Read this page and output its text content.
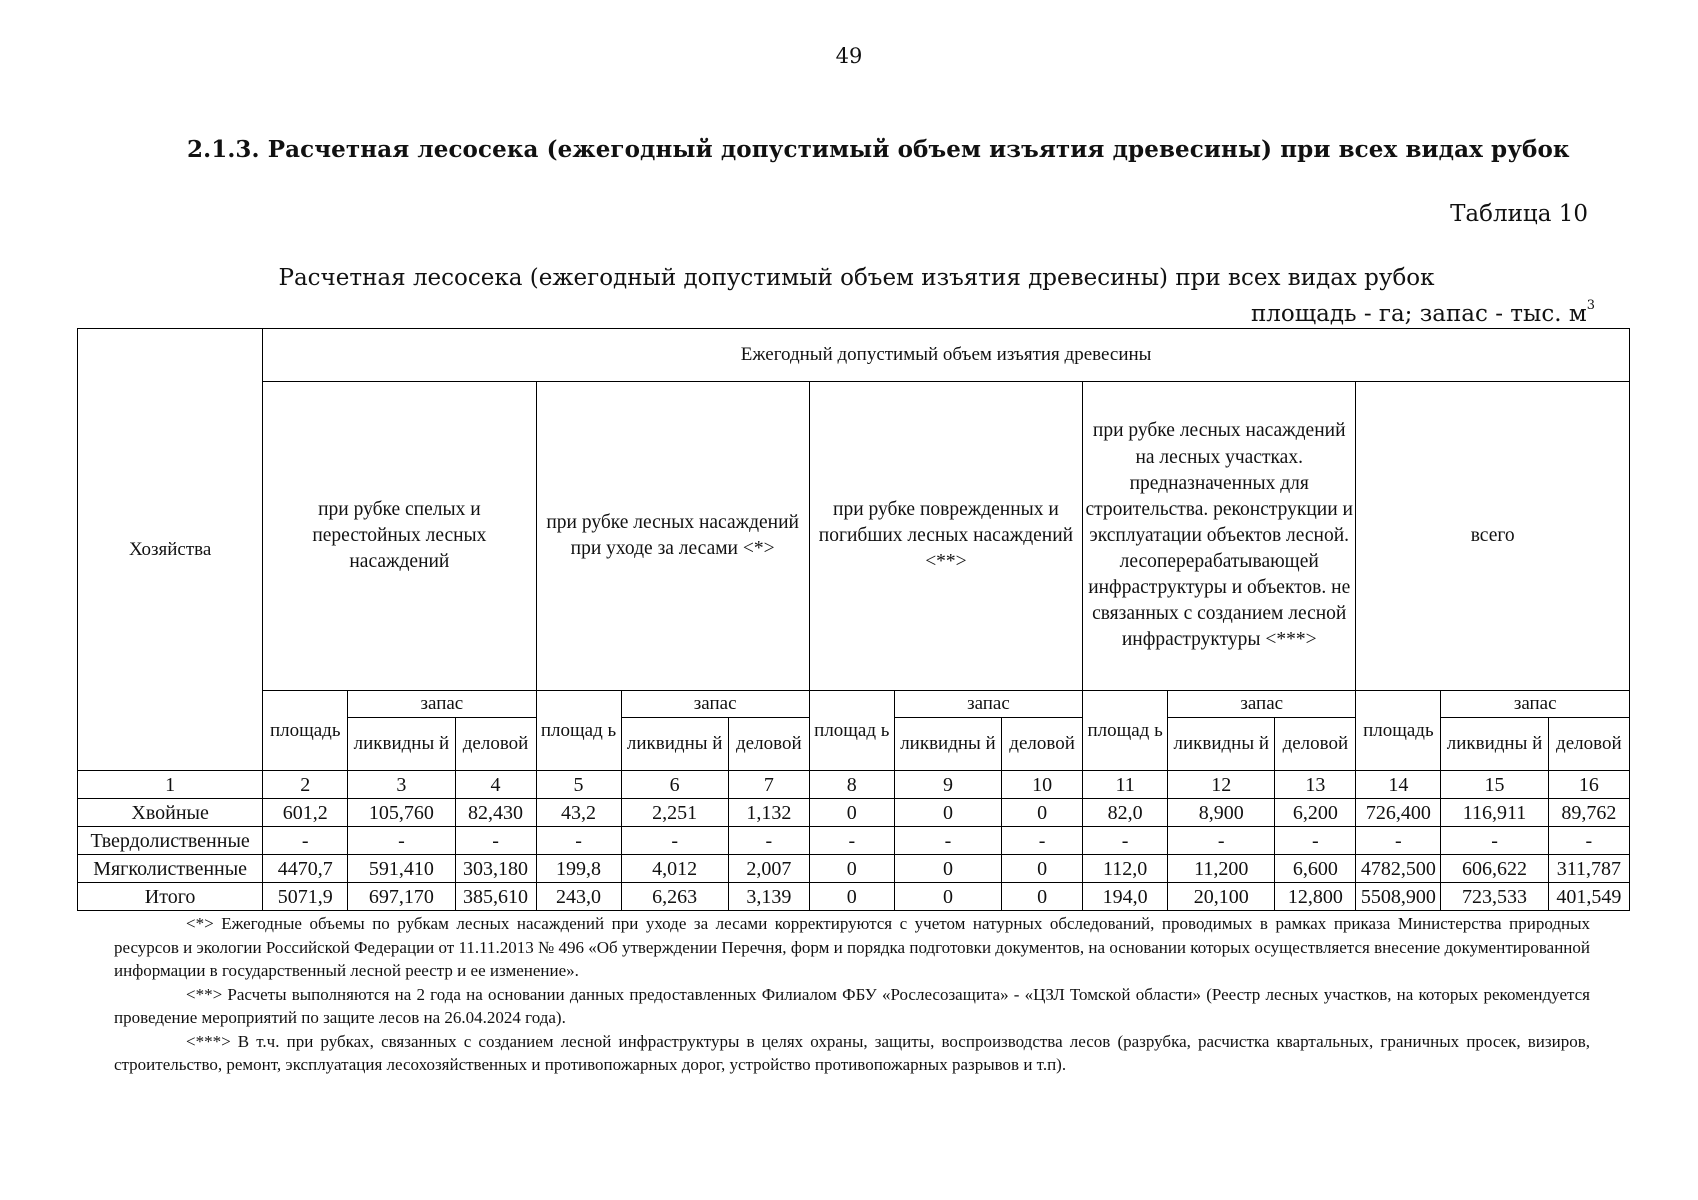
49
2.1.3. Расчетная лесосека (ежегодный допустимый объем изъятия древесины) при всех видах рубок
Таблица 10
Расчетная лесосека (ежегодный допустимый объем изъятия древесины) при всех видах рубок
площадь - га; запас - тыс. $м^3$
Хозяйства	Ежегодный допустимый объем изъятия древесины														
	при рубке спелых и перестойных лесных насаждений			при рубке лесных насаждений при уходе за лесами <*>			при рубке поврежденных и погибших лесных насаждений <**>			при рубке лесных насаждений на лесных участках. предназначенных для строительства. реконструкции и эксплуатации объектов лесной. лесоперерабатывающей инфраструктуры и объектов. не связанных с созданием лесной инфраструктуры <***>			всего		
	площадь	запас		площад ь	запас		площад ь	запас		площад ь	запас		площадь	запас	
		ликвидны й	деловой		ликвидны й	деловой		ликвидны й	деловой		ликвидны й	деловой		ликвидны й	деловой
1	2	3	4	5	6	7	8	9	10	11	12	13	14	15	16
Хвойные	601,2	105,760	82,430	43,2	2,251	1,132	0	0	0	82,0	8,900	6,200	726,400	116,911	89,762
Твердолиственные	-	-	-	-	-	-	-	-	-	-	-	-	-	-	-
Мягколиственные	4470,7	591,410	303,180	199,8	4,012	2,007	0	0	0	112,0	11,200	6,600	4782,500	606,622	311,787
Итого	5071,9	697,170	385,610	243,0	6,263	3,139	0	0	0	194,0	20,100	12,800	5508,900	723,533	401,549

<*> Ежегодные объемы по рубкам лесных насаждений при уходе за лесами корректируются с учетом натурных обследований, проводимых в рамках приказа Министерства природных ресурсов и экологии Российской Федерации от 11.11.2013 № 496 «Об утверждении Перечня, форм и порядка подготовки документов, на основании которых осуществляется внесение документированной информации в государственный лесной реестр и ее изменение».

<**> Расчеты выполняются на 2 года на основании данных предоставленных Филиалом ФБУ «Рослесозащита» - «ЦЗЛ Томской области» (Реестр лесных участков, на которых рекомендуется проведение мероприятий по защите лесов на 26.04.2024 года).

<***> В т.ч. при рубках, связанных с созданием лесной инфраструктуры в целях охраны, защиты, воспроизводства лесов (разрубка, расчистка квартальных, граничных просек, визиров, строительство, ремонт, эксплуатация лесохозяйственных и противопожарных дорог, устройство противопожарных разрывов и т.п).
